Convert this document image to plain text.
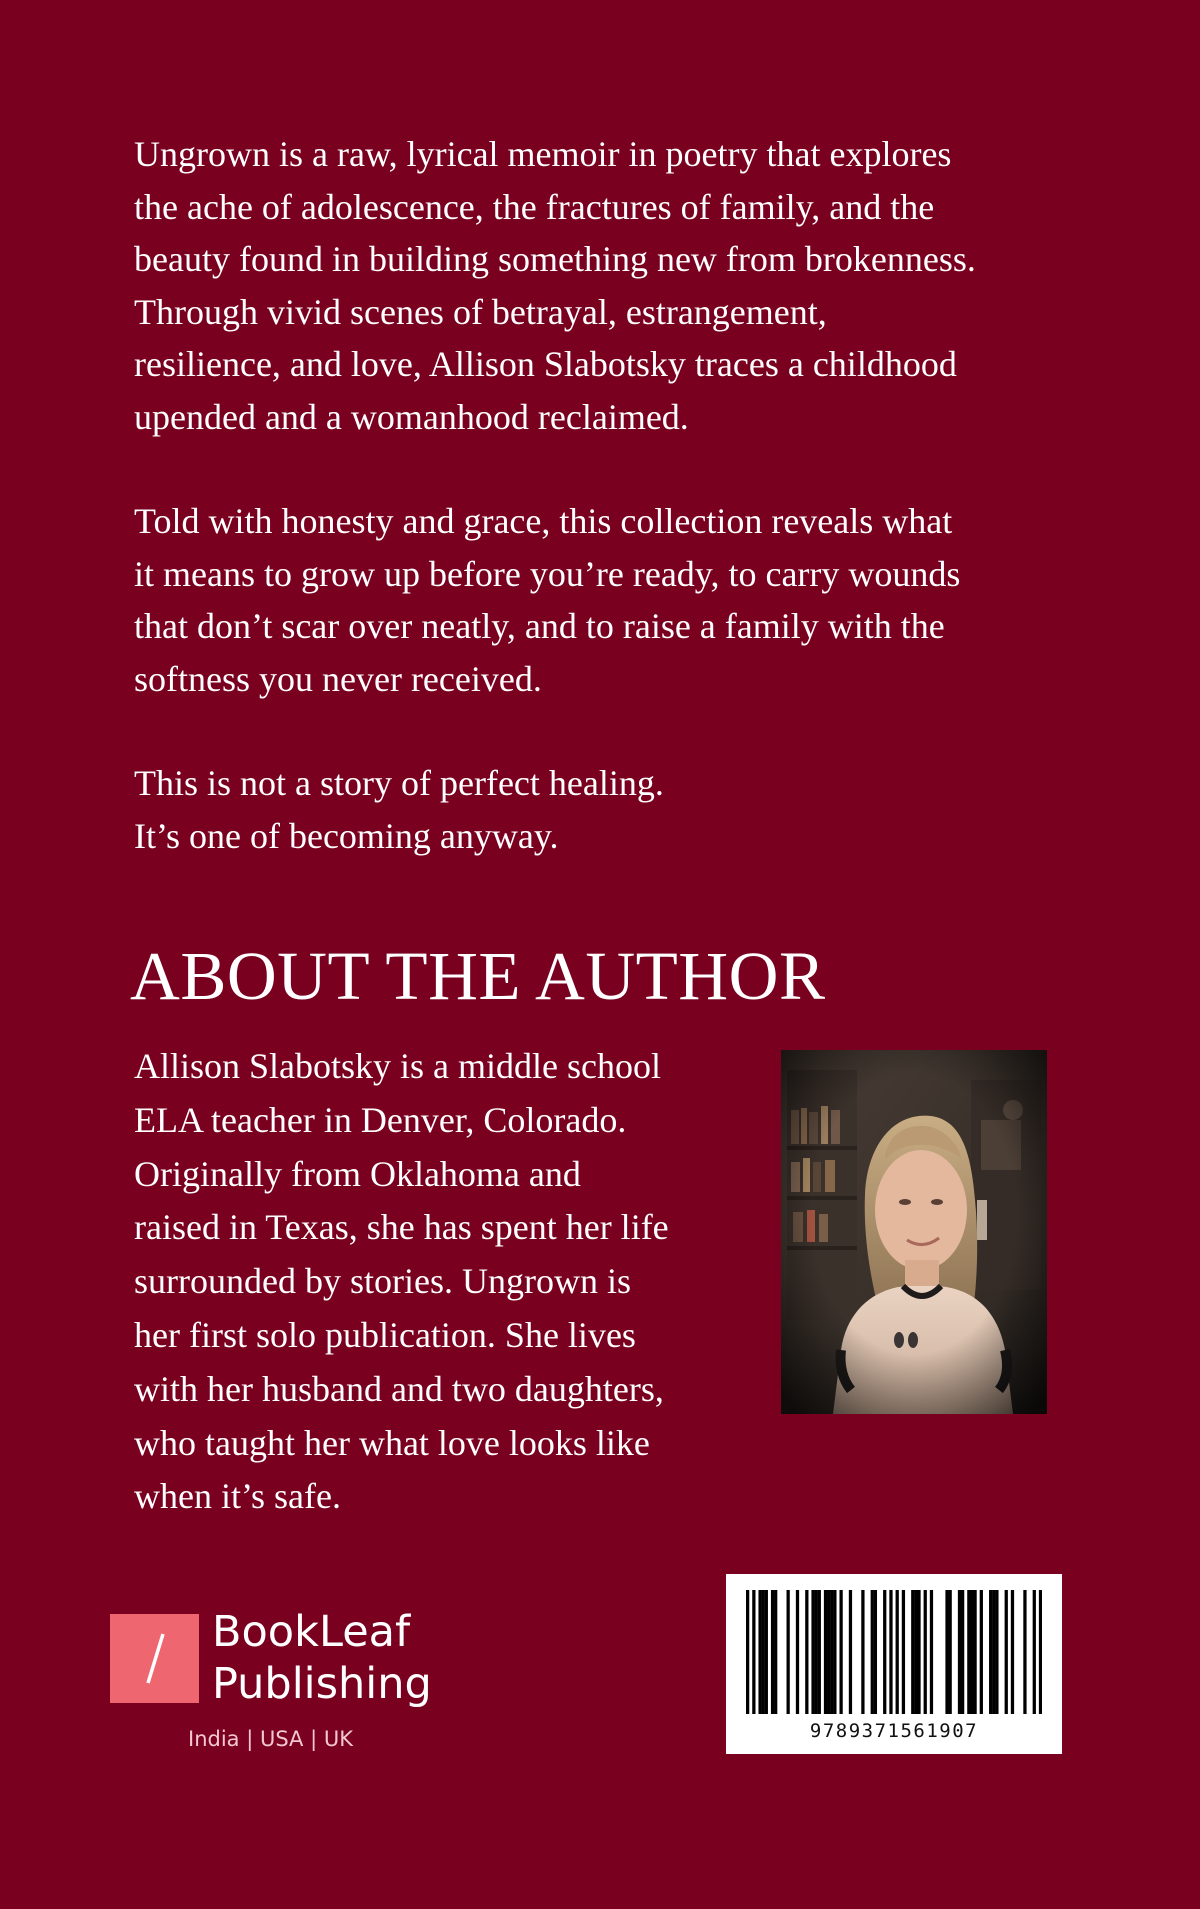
Ungrown is a raw, lyrical memoir in poetry that explores
the ache of adolescence, the fractures of family, and the
beauty found in building something new from brokenness.
Through vivid scenes of betrayal, estrangement,
resilience, and love, Allison Slabotsky traces a childhood
upended and a womanhood reclaimed.

Told with honesty and grace, this collection reveals what
it means to grow up before you’re ready, to carry wounds
that don’t scar over neatly, and to raise a family with the
softness you never received.

This is not a story of perfect healing.
It’s one of becoming anyway.

ABOUT THE AUTHOR
Allison Slabotsky is a middle school
ELA teacher in Denver, Colorado.
Originally from Oklahoma and
raised in Texas, she has spent her life
surrounded by stories. Ungrown is
her first solo publication. She lives
with her husband and two daughters,
who taught her what love looks like
when it’s safe.
BookLeaf
Publishing
India | USA | UK	9789371561907
